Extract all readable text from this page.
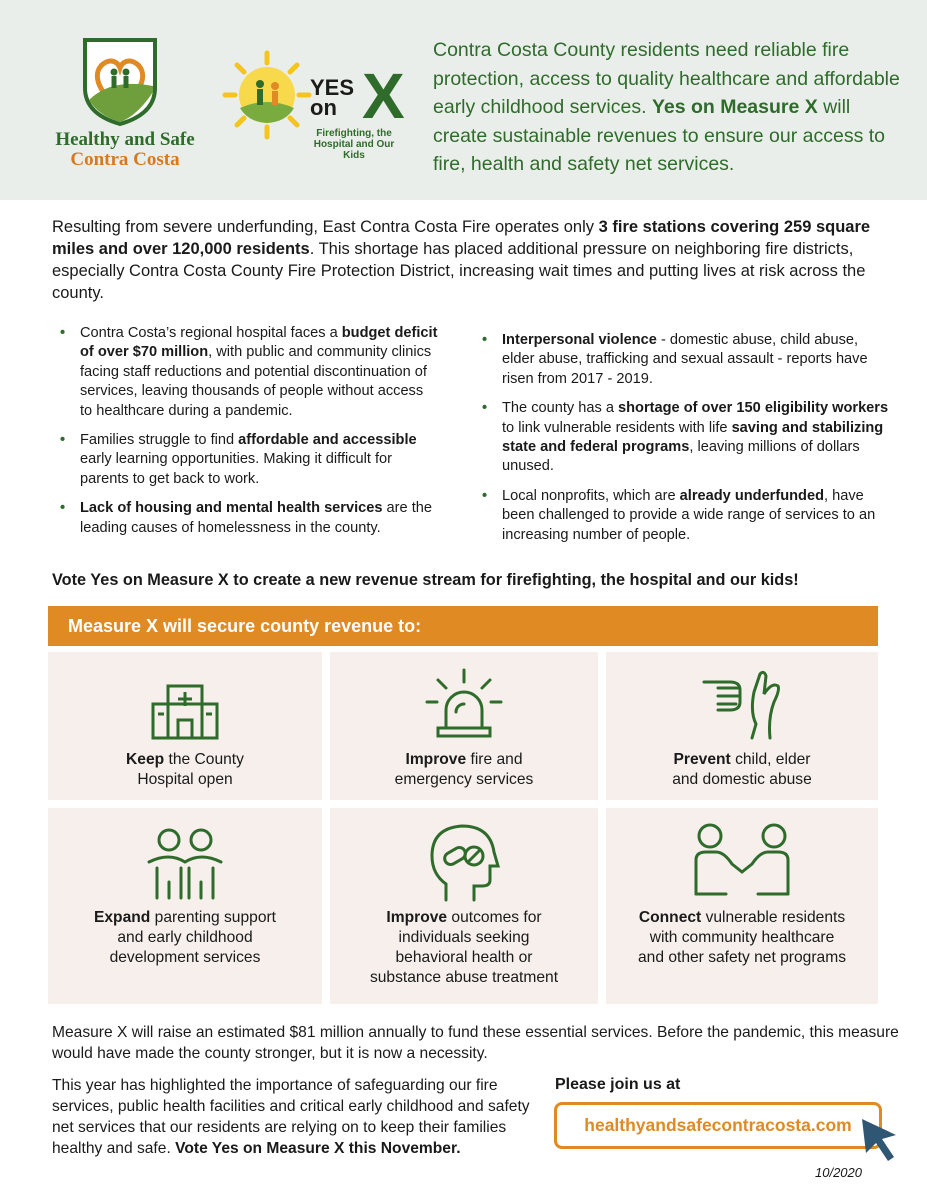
Healthy and Safe
Contra Costa
YES
on X
Firefighting, the Hospital and Our Kids
Contra Costa County residents need reliable fire protection, access to quality healthcare and affordable early childhood services. Yes on Measure X will create sustainable revenues to ensure our access to fire, health and safety net services.
Resulting from severe underfunding, East Contra Costa Fire operates only 3 fire stations covering 259 square miles and over 120,000 residents. This shortage has placed additional pressure on neighboring fire districts, especially Contra Costa County Fire Protection District, increasing wait times and putting lives at risk across the county.
• Contra Costa’s regional hospital faces a budget deficit of over $70 million, with public and community clinics facing staff reductions and potential discontinuation of services, leaving thousands of people without access to healthcare during a pandemic.
• Families struggle to find affordable and accessible early learning opportunities. Making it difficult for parents to get back to work.
• Lack of housing and mental health services are the leading causes of homelessness in the county.
• Interpersonal violence - domestic abuse, child abuse, elder abuse, trafficking and sexual assault - reports have risen from 2017 - 2019.
• The county has a shortage of over 150 eligibility workers to link vulnerable residents with life saving and stabilizing state and federal programs, leaving millions of dollars unused.
• Local nonprofits, which are already underfunded, have been challenged to provide a wide range of services to an increasing number of people.
Vote Yes on Measure X to create a new revenue stream for firefighting, the hospital and our kids!
Measure X will secure county revenue to:
Keep the County
Hospital open
Improve fire and
emergency services
Prevent child, elder
and domestic abuse
Expand parenting support
and early childhood
development services
Improve outcomes for
individuals seeking
behavioral health or
substance abuse treatment
Connect vulnerable residents
with community healthcare
and other safety net programs
Measure X will raise an estimated $81 million annually to fund these essential services. Before the pandemic, this measure would have made the county stronger, but it is now a necessity.
This year has highlighted the importance of safeguarding our fire services, public health facilities and critical early childhood and safety net services that our residents are relying on to keep their families healthy and safe. Vote Yes on Measure X this November.
Please join us at
healthyandsafecontracosta.com
10/2020
